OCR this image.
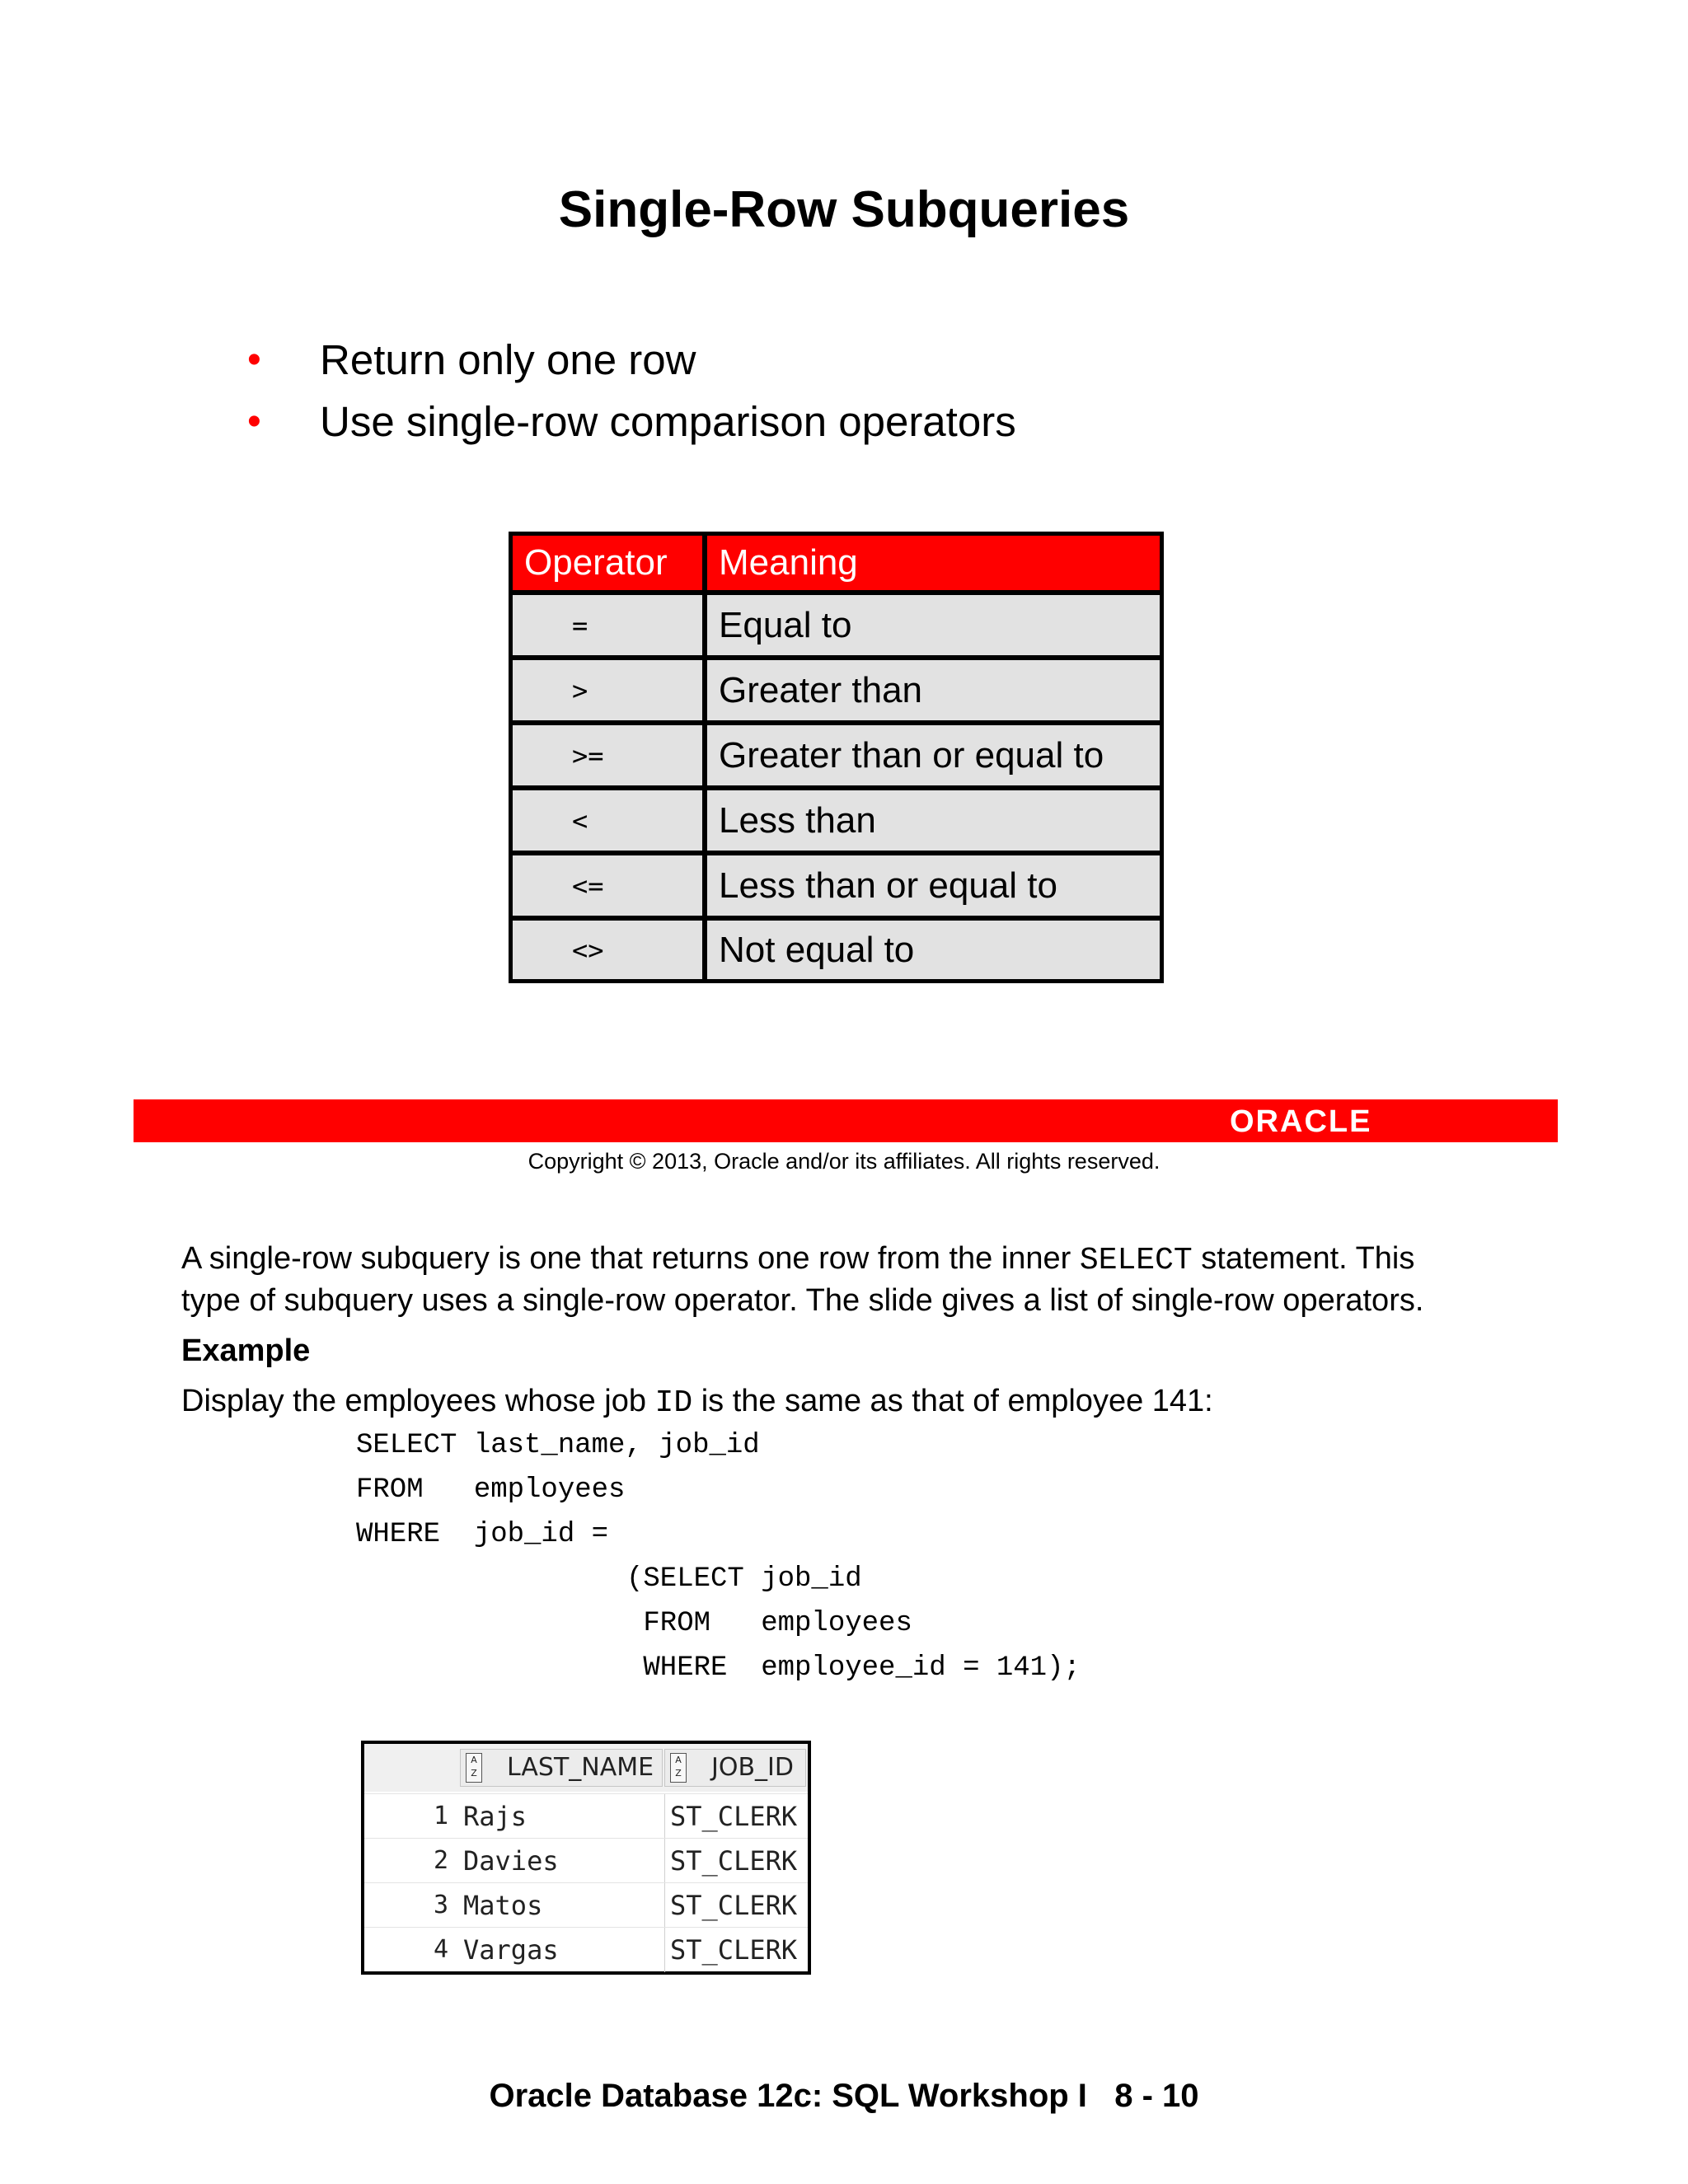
Single-Row Subqueries
• Return only one row
• Use single-row comparison operators
Operator	Meaning
=	Equal to
>	Greater than
>=	Greater than or equal to
<	Less than
<=	Less than or equal to
<>	Not equal to
ORACLE
Copyright © 2013, Oracle and/or its affiliates. All rights reserved.
A single-row subquery is one that returns one row from the inner SELECT statement. This
type of subquery uses a single-row operator. The slide gives a list of single-row operators.
Example
Display the employees whose job ID is the same as that of employee 141:
SELECT last_name, job_id
FROM   employees
WHERE  job_id =
(SELECT job_id
FROM   employees
WHERE  employee_id = 141);
A Z LAST_NAME	A Z JOB_ID
1 Rajs	ST_CLERK
2 Davies	ST_CLERK
3 Matos	ST_CLERK
4 Vargas	ST_CLERK
Oracle Database 12c: SQL Workshop I   8 - 10
